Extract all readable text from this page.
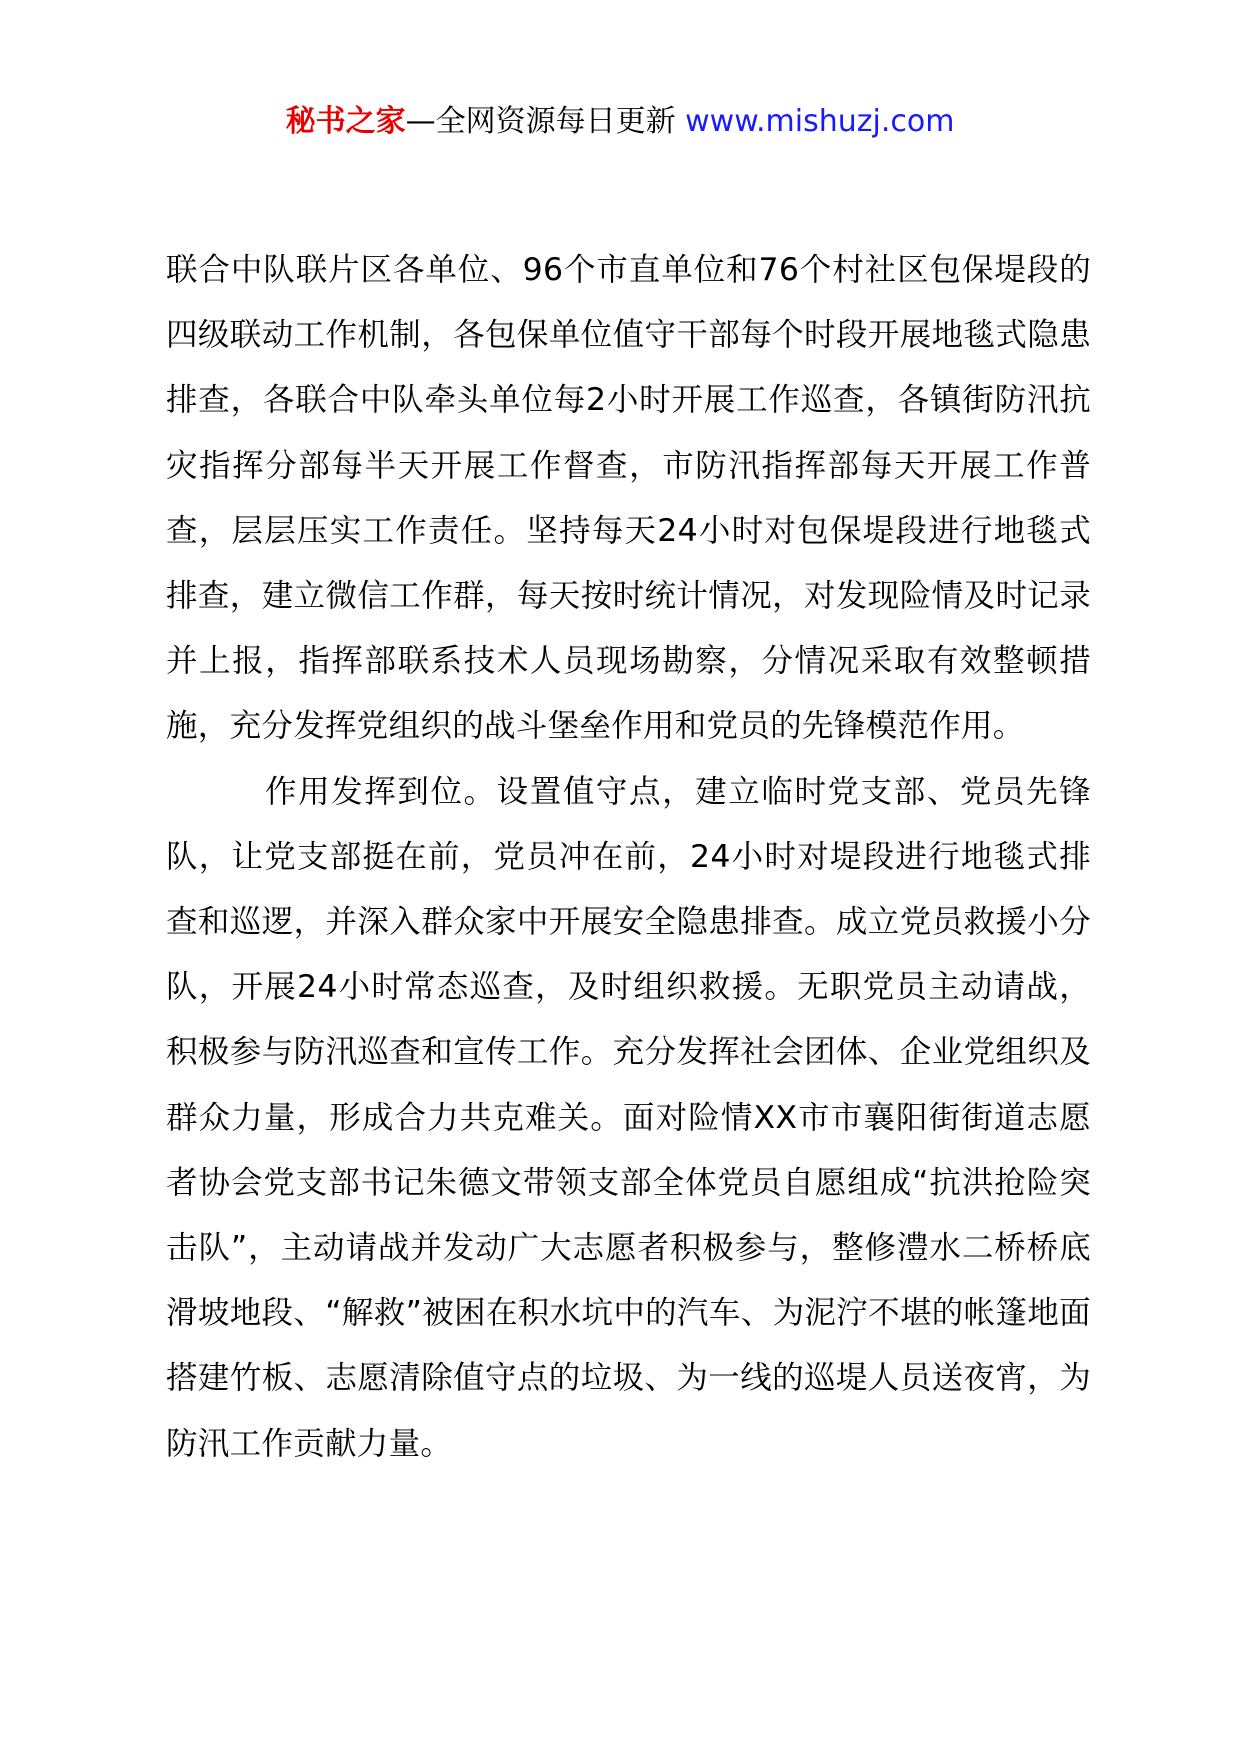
秘书之家—全网资源每日更新 www.mishuzj.com

联合中队联片区各单位、96个市直单位和76个村社区包保堤段的四级联动工作机制，各包保单位值守干部每个时段开展地毯式隐患排查，各联合中队牵头单位每2小时开展工作巡查，各镇街防汛抗灾指挥分部每半天开展工作督查，市防汛指挥部每天开展工作普查，层层压实工作责任。坚持每天24小时对包保堤段进行地毯式排查，建立微信工作群，每天按时统计情况，对发现险情及时记录并上报，指挥部联系技术人员现场勘察，分情况采取有效整顿措施，充分发挥党组织的战斗堡垒作用和党员的先锋模范作用。

作用发挥到位。设置值守点，建立临时党支部、党员先锋队，让党支部挺在前，党员冲在前，24小时对堤段进行地毯式排查和巡逻，并深入群众家中开展安全隐患排查。成立党员救援小分队，开展24小时常态巡查，及时组织救援。无职党员主动请战，积极参与防汛巡查和宣传工作。充分发挥社会团体、企业党组织及群众力量，形成合力共克难关。面对险情XX市市襄阳街街道志愿者协会党支部书记朱德文带领支部全体党员自愿组成“抗洪抢险突击队”，主动请战并发动广大志愿者积极参与，整修澧水二桥桥底滑坡地段、“解救”被困在积水坑中的汽车、为泥泞不堪的帐篷地面搭建竹板、志愿清除值守点的垃圾、为一线的巡堤人员送夜宵，为防汛工作贡献力量。
